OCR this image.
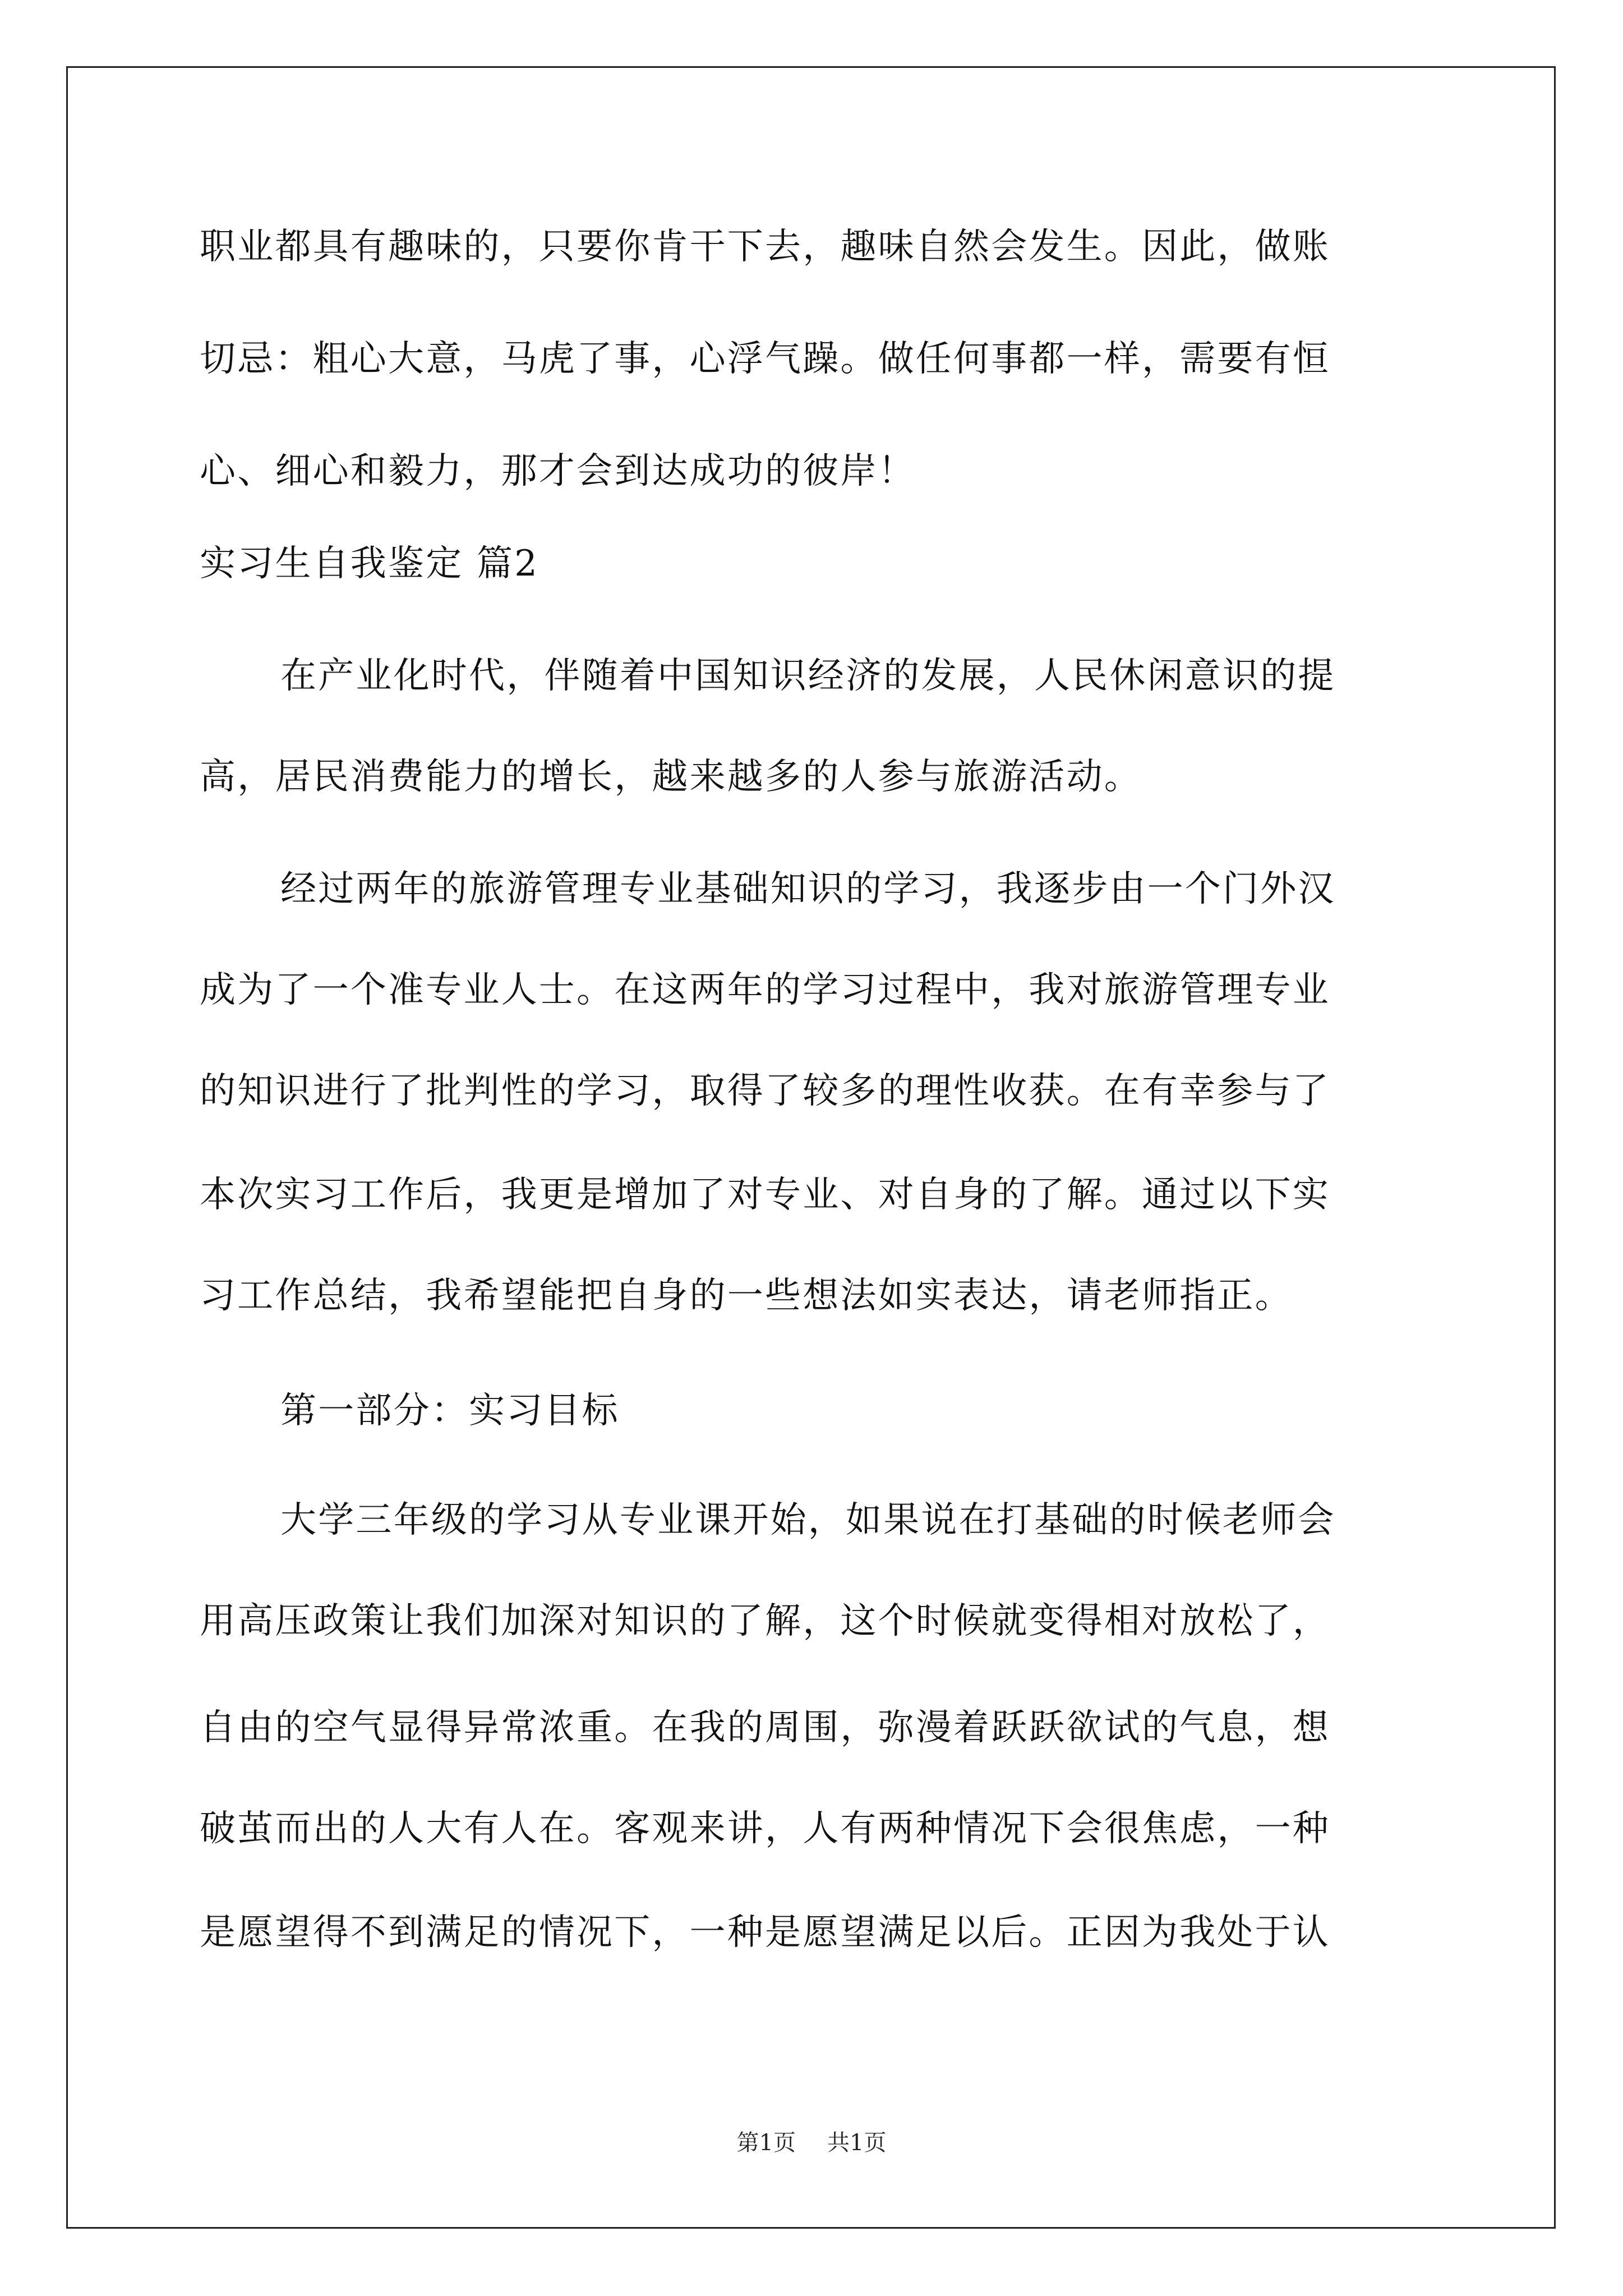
职业都具有趣味的，只要你肯干下去，趣味自然会发生。因此，做账
切忌：粗心大意，马虎了事，心浮气躁。做任何事都一样，需要有恒
心、细心和毅力，那才会到达成功的彼岸！
实习生自我鉴定 篇2
在产业化时代，伴随着中国知识经济的发展，人民休闲意识的提
高，居民消费能力的增长，越来越多的人参与旅游活动。
经过两年的旅游管理专业基础知识的学习，我逐步由一个门外汉
成为了一个准专业人士。在这两年的学习过程中，我对旅游管理专业
的知识进行了批判性的学习，取得了较多的理性收获。在有幸参与了
本次实习工作后，我更是增加了对专业、对自身的了解。通过以下实
习工作总结，我希望能把自身的一些想法如实表达，请老师指正。
第一部分：实习目标
大学三年级的学习从专业课开始，如果说在打基础的时候老师会
用高压政策让我们加深对知识的了解，这个时候就变得相对放松了，
自由的空气显得异常浓重。在我的周围，弥漫着跃跃欲试的气息，想
破茧而出的人大有人在。客观来讲，人有两种情况下会很焦虑，一种
是愿望得不到满足的情况下，一种是愿望满足以后。正因为我处于认
第1页 共1页
